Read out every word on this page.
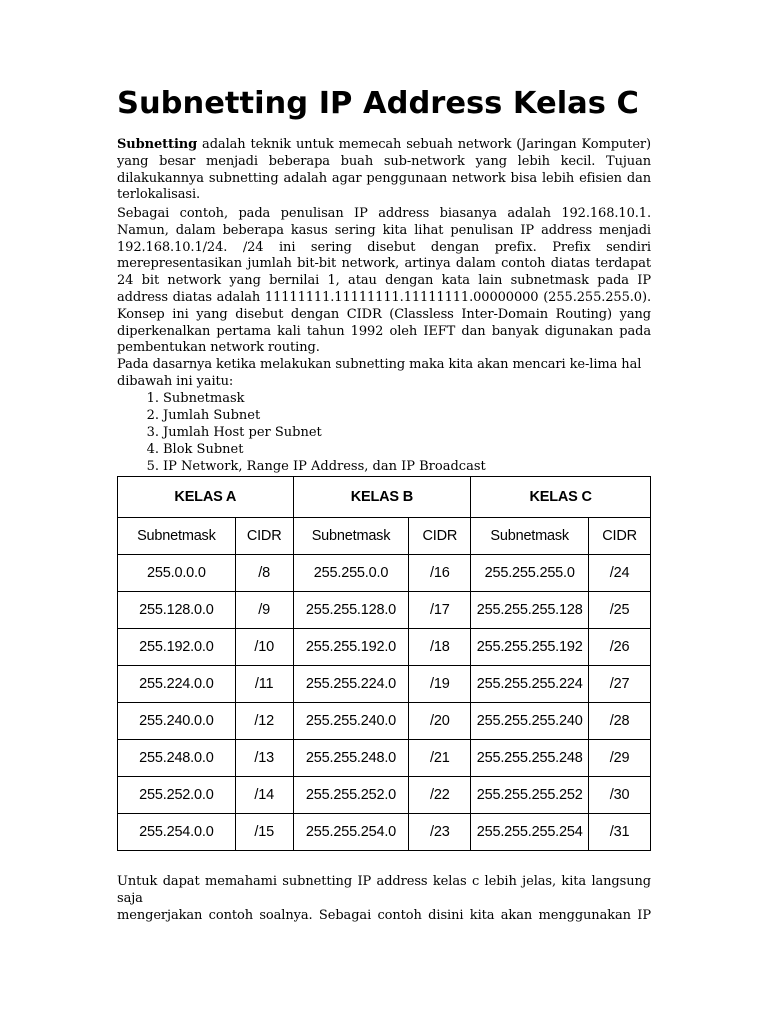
Subnetting IP Address Kelas C

Subnetting adalah teknik untuk memecah sebuah network (Jaringan Komputer) yang besar menjadi beberapa buah sub-network yang lebih kecil. Tujuan dilakukannya subnetting adalah agar penggunaan network bisa lebih efisien dan terlokalisasi.

Sebagai contoh, pada penulisan IP address biasanya adalah 192.168.10.1. Namun, dalam beberapa kasus sering kita lihat penulisan IP address menjadi 192.168.10.1/24. /24 ini sering disebut dengan prefix. Prefix sendiri merepresentasikan jumlah bit-bit network, artinya dalam contoh diatas terdapat 24 bit network yang bernilai 1, atau dengan kata lain subnetmask pada IP address diatas adalah 11111111.11111111.11111111.00000000 (255.255.255.0). Konsep ini yang disebut dengan CIDR (Classless Inter-Domain Routing) yang diperkenalkan pertama kali tahun 1992 oleh IEFT dan banyak digunakan pada pembentukan network routing.

Pada dasarnya ketika melakukan subnetting maka kita akan mencari ke-lima hal dibawah ini yaitu:

1. Subnetmask
2. Jumlah Subnet
3. Jumlah Host per Subnet
4. Blok Subnet
5. IP Network, Range IP Address, dan IP Broadcast
KELAS A		KELAS B		KELAS C	
Subnetmask	CIDR	Subnetmask	CIDR	Subnetmask	CIDR
255.0.0.0	/8	255.255.0.0	/16	255.255.255.0	/24
255.128.0.0	/9	255.255.128.0	/17	255.255.255.128	/25
255.192.0.0	/10	255.255.192.0	/18	255.255.255.192	/26
255.224.0.0	/11	255.255.224.0	/19	255.255.255.224	/27
255.240.0.0	/12	255.255.240.0	/20	255.255.255.240	/28
255.248.0.0	/13	255.255.248.0	/21	255.255.255.248	/29
255.252.0.0	/14	255.255.252.0	/22	255.255.255.252	/30
255.254.0.0	/15	255.255.254.0	/23	255.255.255.254	/31

Untuk dapat memahami subnetting IP address kelas c lebih jelas, kita langsung saja
mengerjakan contoh soalnya. Sebagai contoh disini kita akan menggunakan IP
